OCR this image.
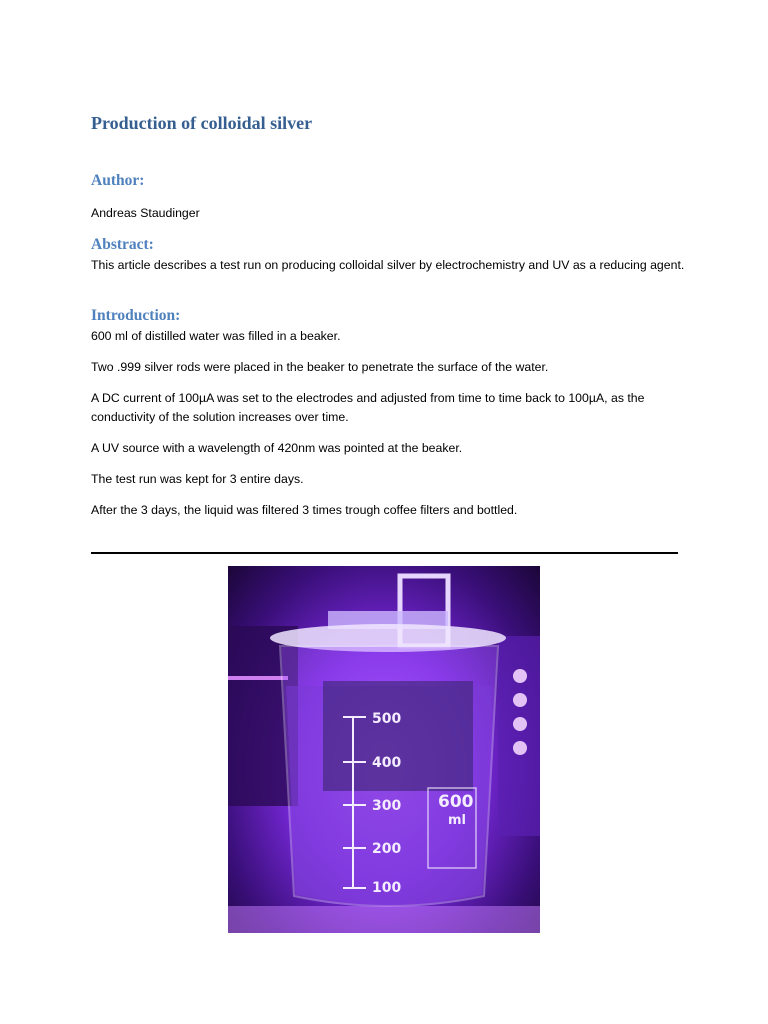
Production of colloidal silver
Author:

Andreas Staudinger

Abstract:

This article describes a test run on producing colloidal silver by electrochemistry and UV as a reducing agent.

Introduction:

600 ml of distilled water was filled in a beaker.

Two .999 silver rods were placed in the beaker to penetrate the surface of the water.

A DC current of 100µA was set to the electrodes and adjusted from time to time back to 100µA, as the conductivity of the solution increases over time.

A UV source with a wavelength of 420nm was pointed at the beaker.

The test run was kept for 3 entire days.

After the 3 days, the liquid was filtered 3 times trough coffee filters and bottled.

500
400
300
200
100
600
ml
